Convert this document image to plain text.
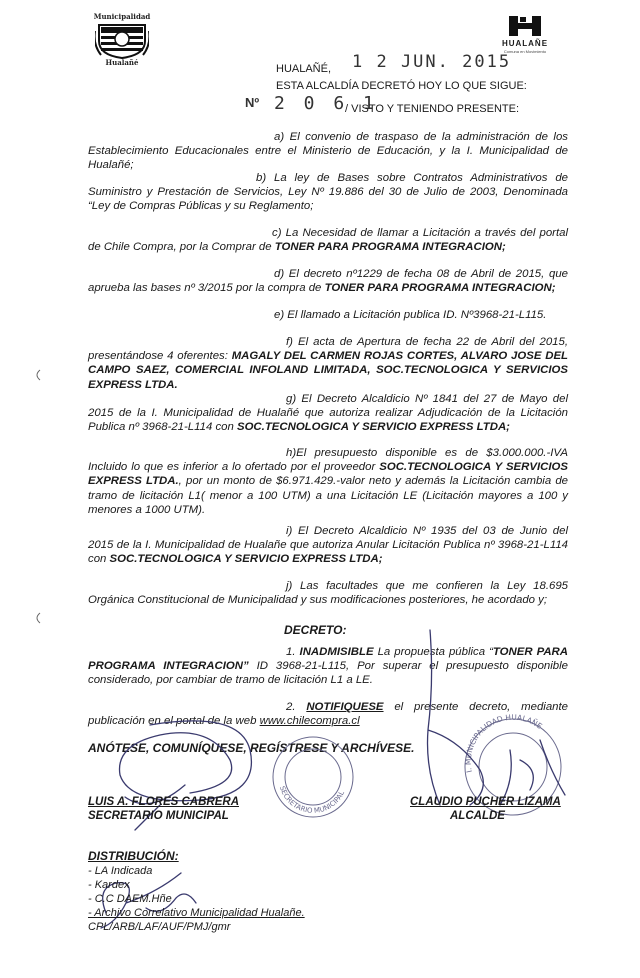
Municipalidad
Hualañé
HUALAÑE
Comuna en Movimiento
HUALAÑÉ, 1 2 JUN. 2015
ESTA ALCALDÍA DECRETÓ HOY LO QUE SIGUE:
Nº 2 0 6 1
/ VISTO Y TENIENDO PRESENTE:
a) El convenio de traspaso de la administración de los Establecimiento Educacionales entre el Ministerio de Educación, y la I. Municipalidad de Hualañé;
b) La ley de Bases sobre Contratos Administrativos de Suministro y Prestación de Servicios, Ley Nº 19.886 del 30 de Julio de 2003, Denominada “Ley de Compras Públicas y su Reglamento;
c) La Necesidad de llamar a Licitación a través del portal de Chile Compra, por la Comprar de TONER PARA PROGRAMA INTEGRACION;
d) El decreto nº1229 de fecha 08 de Abril de 2015, que aprueba las bases nº 3/2015 por la compra de TONER PARA PROGRAMA INTEGRACION;
e) El llamado a Licitación publica ID. Nº3968-21-L115.
f) El acta de Apertura de fecha 22 de Abril del 2015, presentándose 4 oferentes: MAGALY DEL CARMEN ROJAS CORTES, ALVARO JOSE DEL CAMPO SAEZ, COMERCIAL INFOLAND LIMITADA, SOC.TECNOLOGICA Y SERVICIOS EXPRESS LTDA.
g) El Decreto Alcaldicio Nº 1841 del 27 de Mayo del 2015 de la I. Municipalidad de Hualañé que autoriza realizar Adjudicación de la Licitación Publica nº 3968-21-L114 con SOC.TECNOLOGICA Y SERVICIO EXPRESS LTDA;
h)El presupuesto disponible es de $3.000.000.-IVA Incluido lo que es inferior a lo ofertado por el proveedor SOC.TECNOLOGICA Y SERVICIOS EXPRESS LTDA., por un monto de $6.971.429.-valor neto y además la Licitación cambia de tramo de licitación L1( menor a 100 UTM) a una Licitación LE (Licitación mayores a 100 y menores a 1000 UTM).
i) El Decreto Alcaldicio Nº 1935 del 03 de Junio del 2015 de la I. Municipalidad de Hualañe que autoriza Anular Licitación Publica nº 3968-21-L114 con SOC.TECNOLOGICA Y SERVICIO EXPRESS LTDA;
j) Las facultades que me confieren la Ley 18.695 Orgánica Constitucional de Municipalidad y sus modificaciones posteriores, he acordado y;
DECRETO:
1. INADMISIBLE La propuesta pública “TONER PARA PROGRAMA INTEGRACION” ID 3968-21-L115, Por superar el presupuesto disponible considerado, por cambiar de tramo de licitación L1 a LE.
2. NOTIFIQUESE el presente decreto, mediante publicación en el portal de la web www.chilecompra.cl
ANÓTESE, COMUNÍQUESE, REGÍSTRESE Y ARCHÍVESE.
SECRETARIO MUNICIPAL
I. MUNICIPALIDAD HUALAÑE
LUIS A. FLORES CABRERA
SECRETARIO MUNICIPAL
CLAUDIO PUCHER LIZAMA
ALCALDE
DISTRIBUCIÓN:
- LA Indicada
- Kardex
- C.C DAEM.Hñe
- Archivo Correlativo Municipalidad Hualañe.
CPL/ARB/LAF/AUF/PMJ/gmr
